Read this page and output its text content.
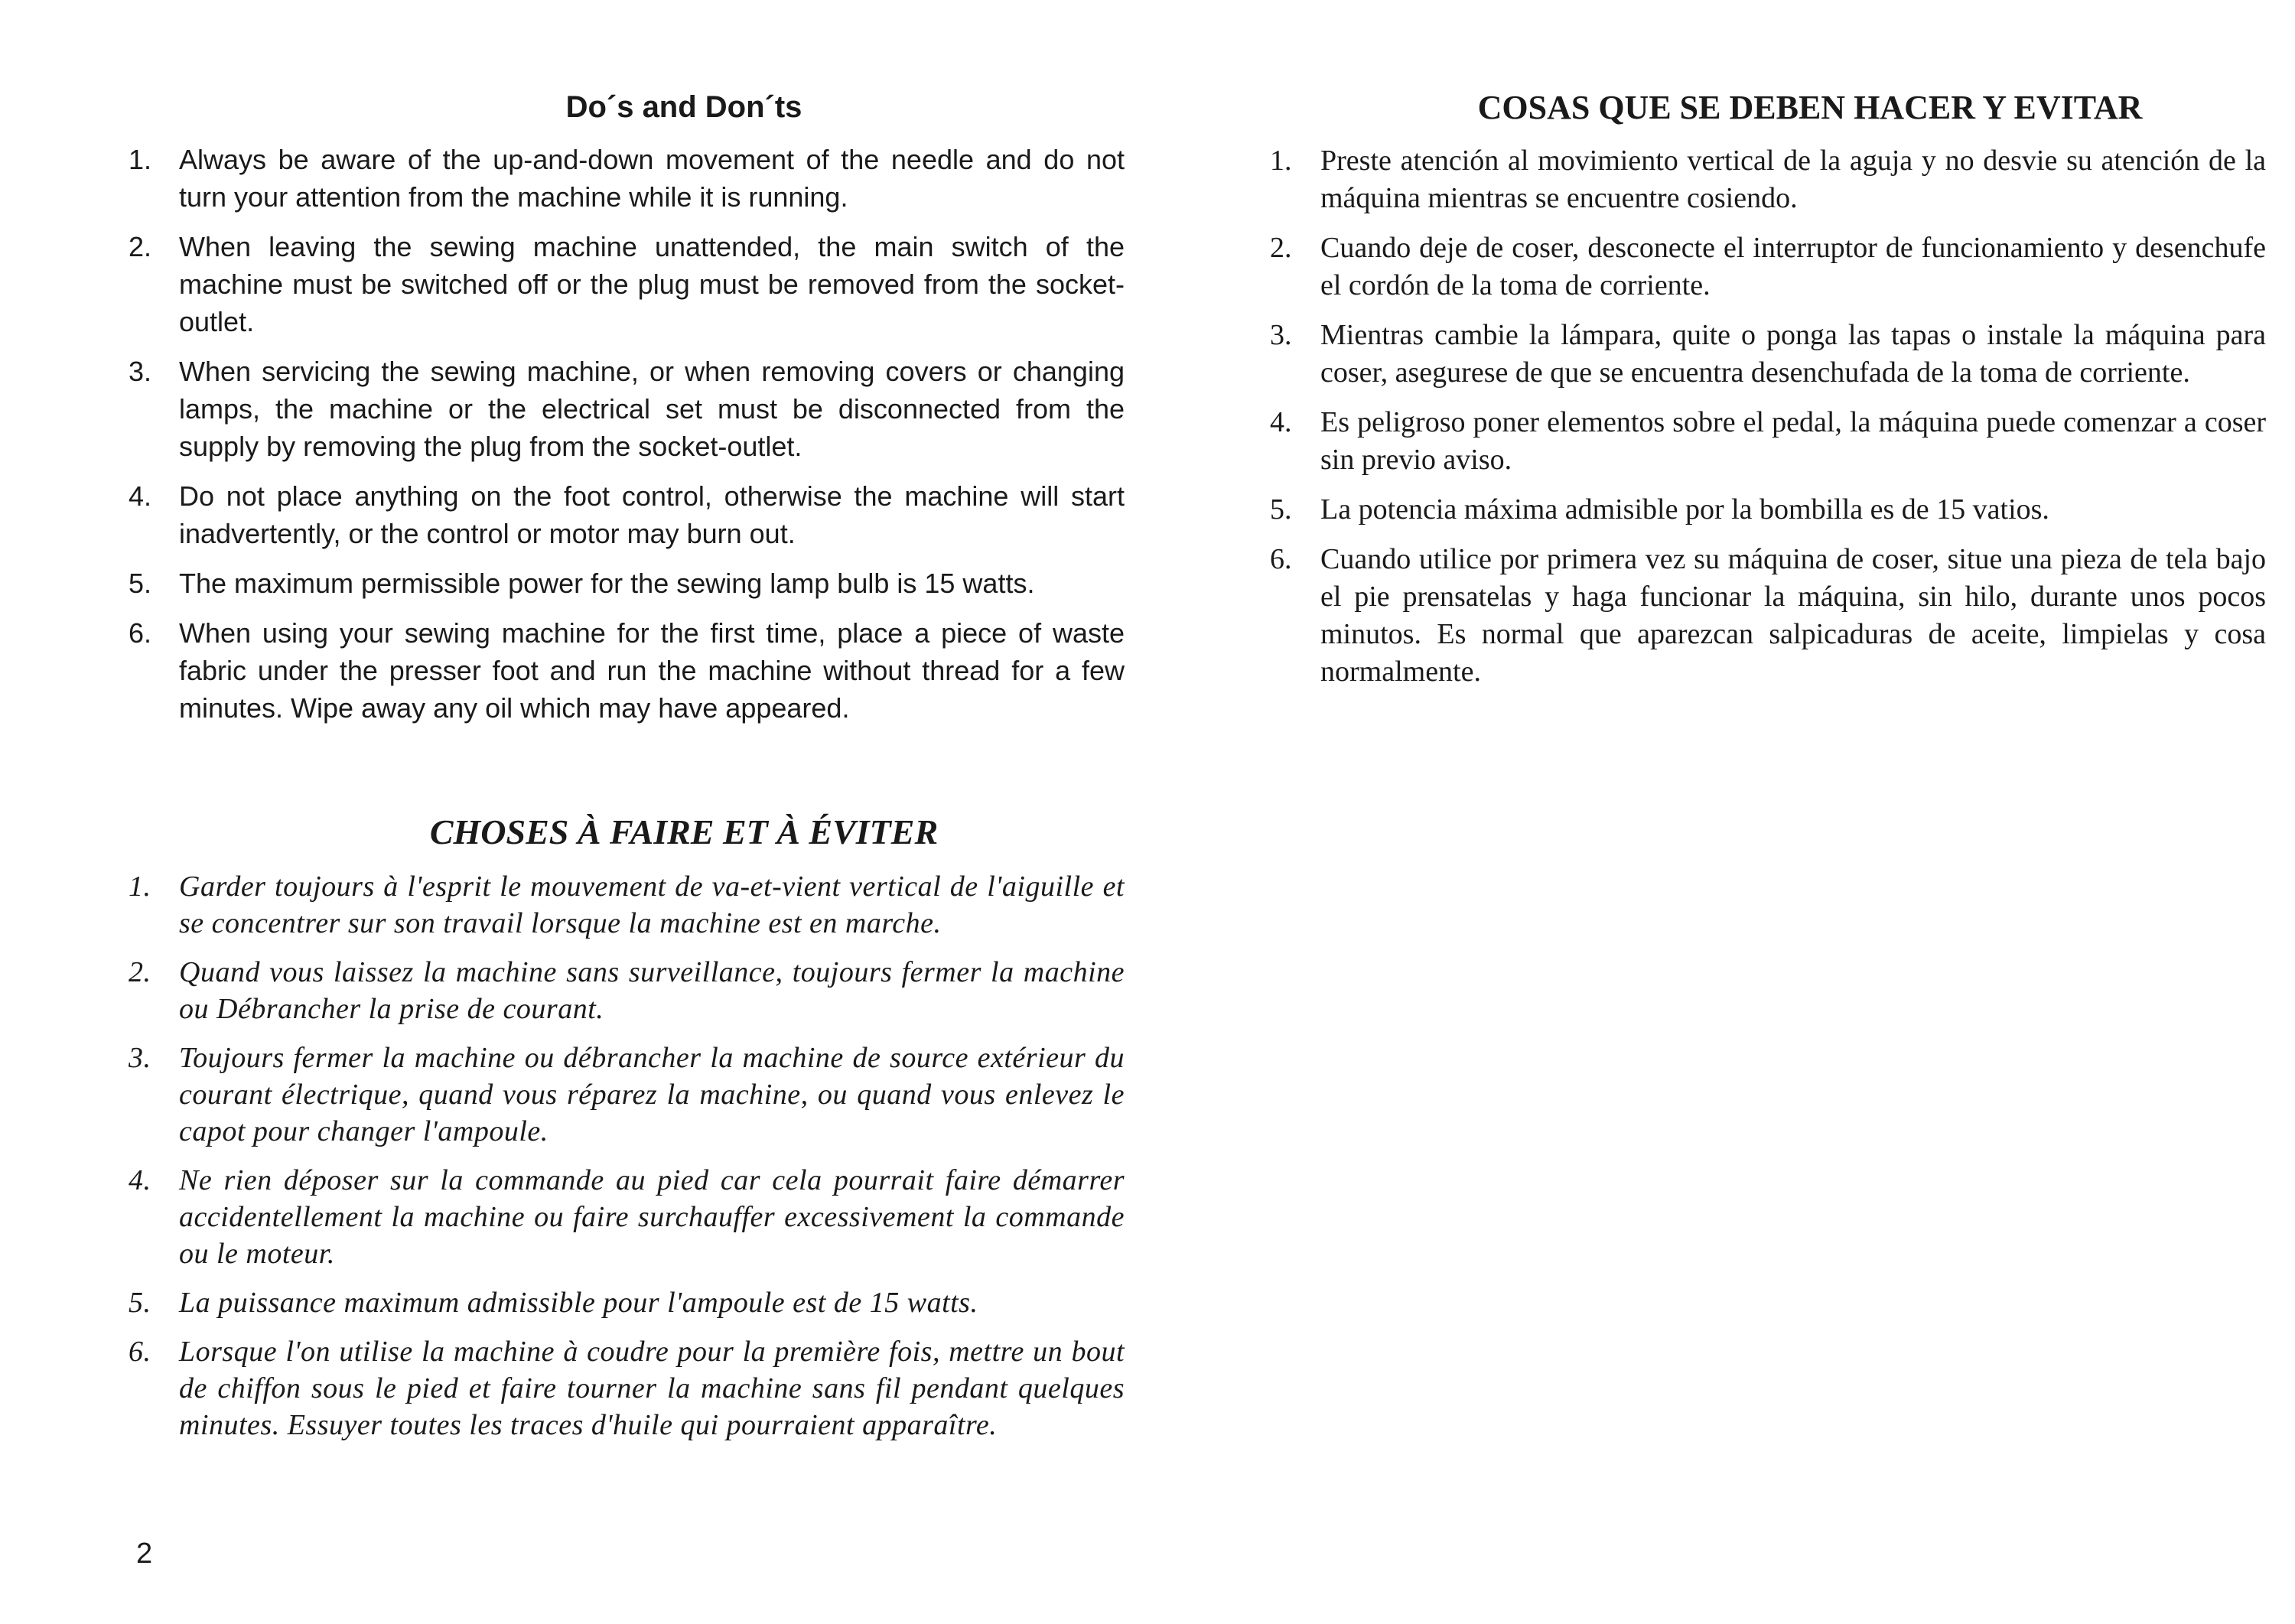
Do´s and Don´ts
1. Always be aware of the up-and-down movement of the needle and do not turn your attention from the machine while it is running.
2. When leaving the sewing machine unattended, the main switch of the machine must be switched off or the plug must be removed from the socket-outlet.
3. When servicing the sewing machine, or when removing covers or changing lamps, the machine or the electrical set must be disconnected from the supply by removing the plug from the socket-outlet.
4. Do not place anything on the foot control, otherwise the machine will start inadvertently, or the control or motor may burn out.
5. The maximum permissible power for the sewing lamp bulb is 15 watts.
6. When using your sewing machine for the first time, place a piece of waste fabric under the presser foot and run the machine without thread for a few minutes. Wipe away any oil which may have appeared.
CHOSES À FAIRE ET À ÉVITER
1. Garder toujours à l'esprit le mouvement de va-et-vient vertical de l'aiguille et se concentrer sur son travail lorsque la machine est en marche.
2. Quand vous laissez la machine sans surveillance, toujours fermer la machine ou Débrancher la prise de courant.
3. Toujours fermer la machine ou débrancher la machine de source extérieur du courant électrique, quand vous réparez la machine, ou quand vous enlevez le capot pour changer l'ampoule.
4. Ne rien déposer sur la commande au pied car cela pourrait faire démarrer accidentellement la machine ou faire surchauffer excessivement la commande ou le moteur.
5. La puissance maximum admissible pour l'ampoule est de 15 watts.
6. Lorsque l'on utilise la machine à coudre pour la première fois, mettre un bout de chiffon sous le pied et faire tourner la machine sans fil pendant quelques minutes. Essuyer toutes les traces d'huile qui pourraient apparaître.
COSAS QUE SE DEBEN HACER Y EVITAR
1. Preste atención al movimiento vertical de la aguja y no desvie su atención de la máquina mientras se encuentre cosiendo.
2. Cuando deje de coser, desconecte el interruptor de funcionamiento y desenchufe el cordón de la toma de corriente.
3. Mientras cambie la lámpara, quite o ponga las tapas o instale la máquina para coser, asegurese de que se encuentra desenchufada de la toma de corriente.
4. Es peligroso poner elementos sobre el pedal, la máquina puede comenzar a coser sin previo aviso.
5. La potencia máxima admisible por la bombilla es de 15 vatios.
6. Cuando utilice por primera vez su máquina de coser, situe una pieza de tela bajo el pie prensatelas y haga funcionar la máquina, sin hilo, durante unos pocos minutos. Es normal que aparezcan salpicaduras de aceite, limpielas y cosa normalmente.
2
